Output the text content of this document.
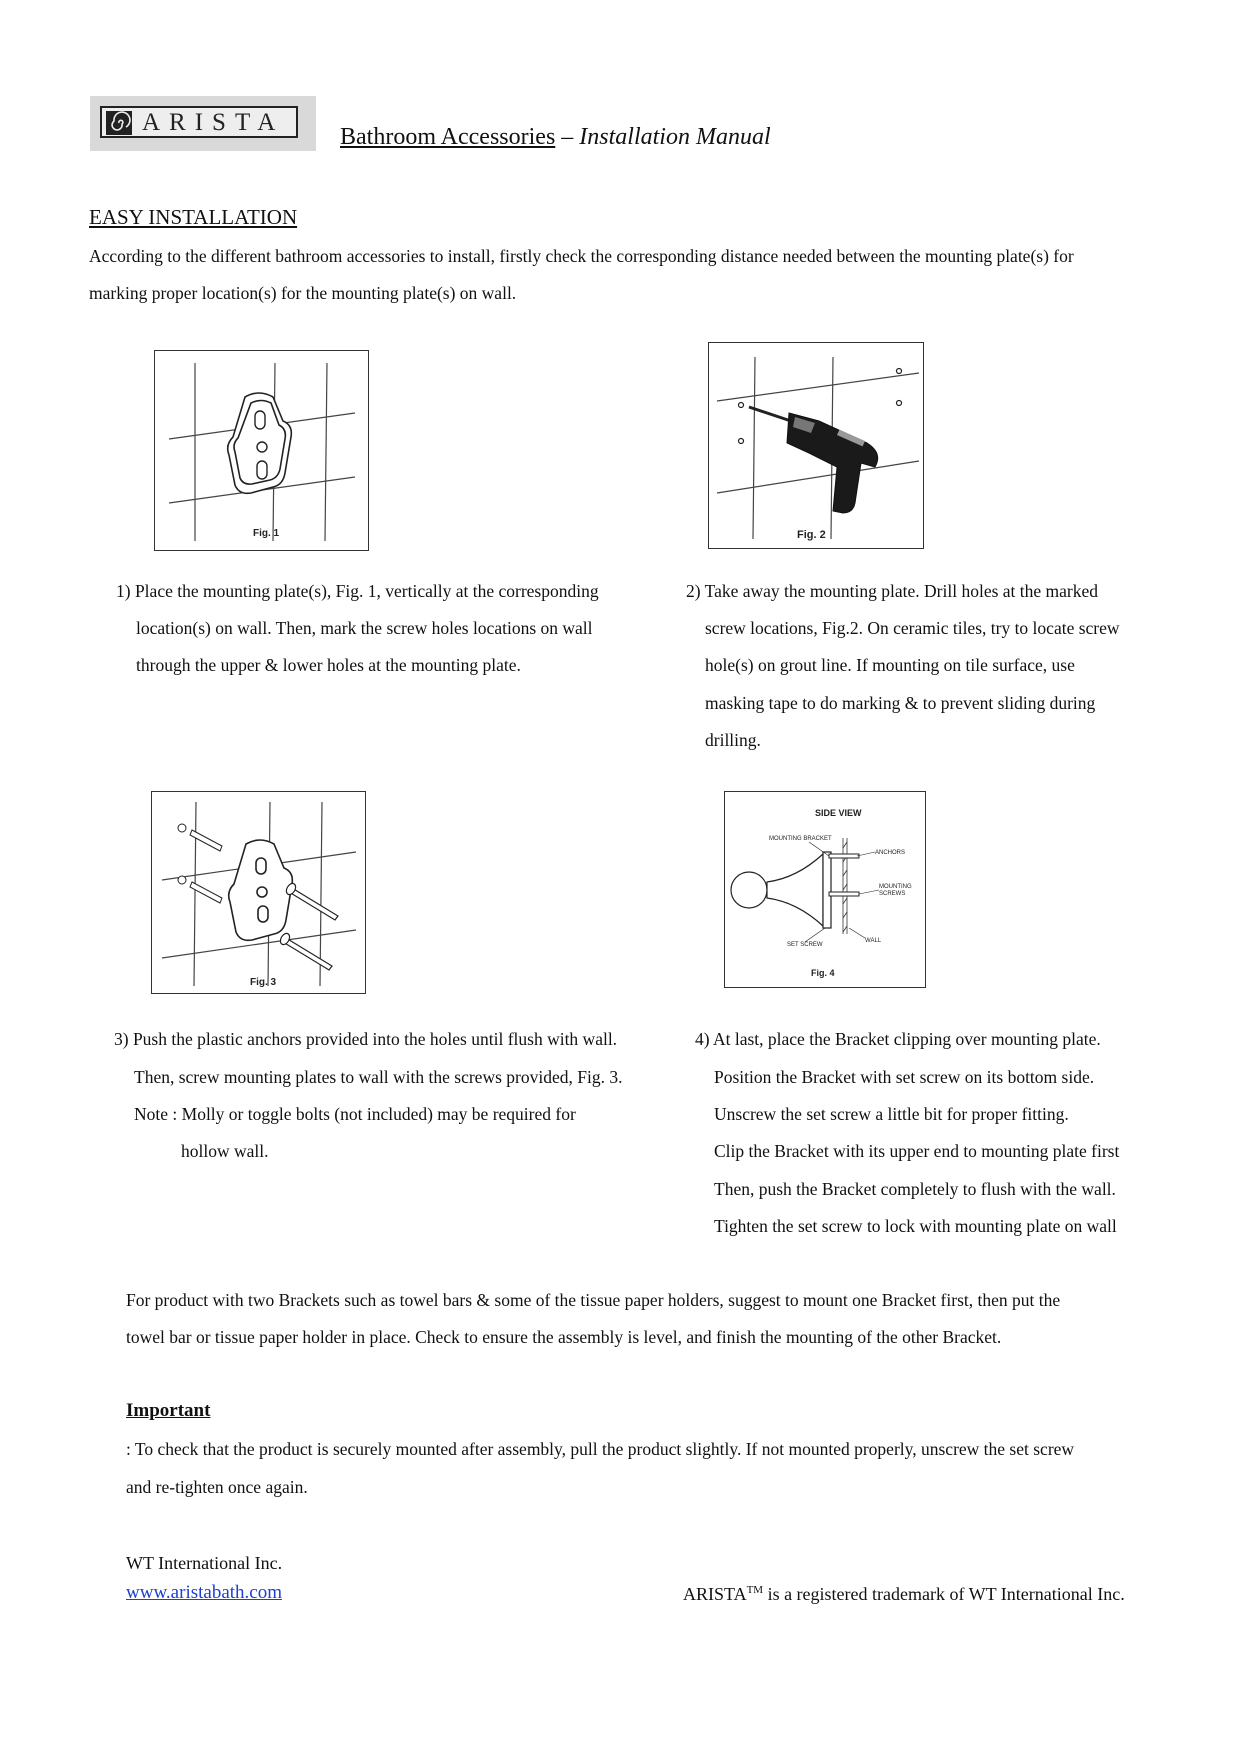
ARISTA
Bathroom Accessories – Installation Manual
EASY INSTALLATION
According to the different bathroom accessories to install, firstly check the corresponding distance needed between the mounting plate(s) for
marking proper location(s) for the mounting plate(s) on wall.
Fig. 1	Fig. 2
1) Place the mounting plate(s), Fig. 1, vertically at the corresponding
location(s) on wall. Then, mark the screw holes locations on wall
through the upper & lower holes at the mounting plate.
2) Take away the mounting plate. Drill holes at the marked
screw locations, Fig.2. On ceramic tiles, try to locate screw
hole(s) on grout line. If mounting on tile surface, use
masking tape to do marking & to prevent sliding during
drilling.
Fig. 3
SIDE VIEW
MOUNTING BRACKET
ANCHORS
MOUNTING
SCREWS
SET SCREW
WALL
Fig. 4
3) Push the plastic anchors provided into the holes until flush with wall.
Then, screw mounting plates to wall with the screws provided, Fig. 3.
Note : Molly or toggle bolts (not included) may be required for
hollow wall.
4) At last, place the Bracket clipping over mounting plate.
Position the Bracket with set screw on its bottom side.
Unscrew the set screw a little bit for proper fitting.
Clip the Bracket with its upper end to mounting plate first
Then, push the Bracket completely to flush with the wall.
Tighten the set screw to lock with mounting plate on wall
For product with two Brackets such as towel bars & some of the tissue paper holders, suggest to mount one Bracket first, then put the
towel bar or tissue paper holder in place. Check to ensure the assembly is level, and finish the mounting of the other Bracket.
Important
: To check that the product is securely mounted after assembly, pull the product slightly. If not mounted properly, unscrew the set screw
and re-tighten once again.
WT International Inc.
www.aristabath.com	ARISTA™ is a registered trademark of WT International Inc.
